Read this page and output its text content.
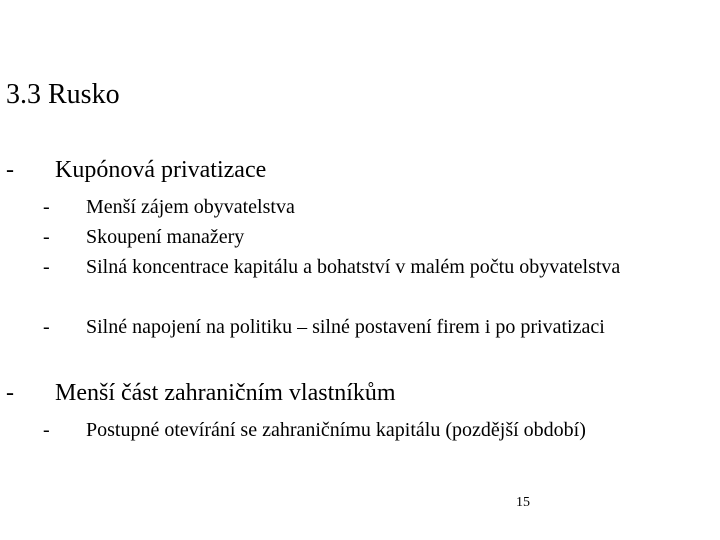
3.3 Rusko
- Kupónová privatizace
- Menší zájem obyvatelstva
- Skoupení manažery
- Silná koncentrace kapitálu a bohatství v malém počtu obyvatelstva
- Silné napojení na politiku – silné postavení firem i po privatizaci
- Menší část zahraničním vlastníkům
- Postupné otevírání se zahraničnímu kapitálu (pozdější období)
15
